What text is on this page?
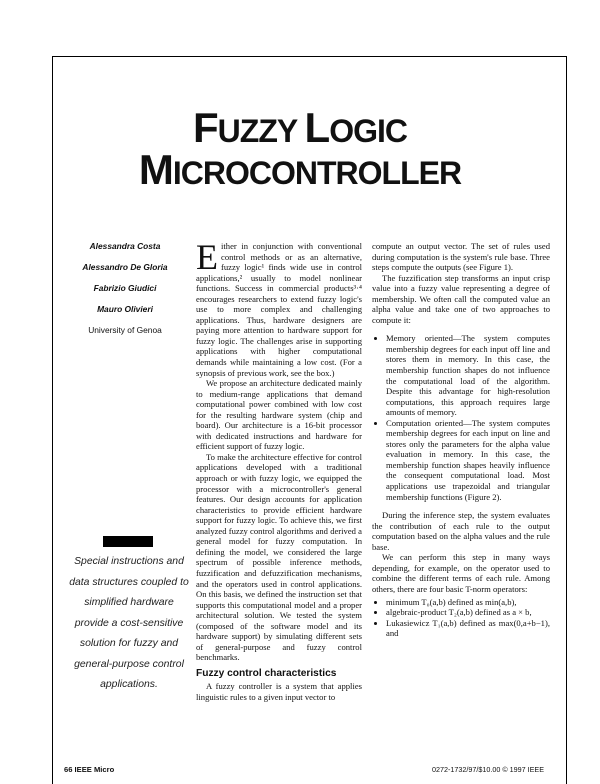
FUZZY LOGIC
MICROCONTROLLER
Alessandra Costa
Alessandro De Gloria
Fabrizio Giudici
Mauro Olivieri
University of Genoa
Special instructions and data structures coupled to simplified hardware provide a cost-sensitive solution for fuzzy and general-purpose control applications.

Either in conjunction with conventional control methods or as an alternative, fuzzy logic¹ finds wide use in control applications,² usually to model nonlinear functions. Success in commercial products³·⁴ encourages researchers to extend fuzzy logic's use to more complex and challenging applications. Thus, hardware designers are paying more attention to hardware support for fuzzy logic. The challenges arise in supporting applications with higher computational demands while maintaining a low cost. (For a synopsis of previous work, see the box.)

We propose an architecture dedicated mainly to medium-range applications that demand computational power combined with low cost for the resulting hardware system (chip and board). Our architecture is a 16-bit processor with dedicated instructions and hardware for efficient support of fuzzy logic.

To make the architecture effective for control applications developed with a traditional approach or with fuzzy logic, we equipped the processor with a microcontroller's general features. Our design accounts for application characteristics to provide efficient hardware support for fuzzy logic. To achieve this, we first analyzed fuzzy control algorithms and derived a general model for fuzzy computation. In defining the model, we considered the large spectrum of possible inference methods, fuzzification and defuzzification mechanisms, and the operators used in control applications. On this basis, we defined the instruction set that supports this computational model and a proper architectural solution. We tested the system (composed of the software model and its hardware support) by simulating different sets of general-purpose and fuzzy control benchmarks.

Fuzzy control characteristics

A fuzzy controller is a system that applies linguistic rules to a given input vector to

compute an output vector. The set of rules used during computation is the system's rule base. Three steps compute the outputs (see Figure 1).

The fuzzification step transforms an input crisp value into a fuzzy value representing a degree of membership. We often call the computed value an alpha value and take one of two approaches to compute it:

• Memory oriented—The system computes membership degrees for each input off line and stores them in memory. In this case, the membership function shapes do not influence the computational load of the algorithm. Despite this advantage for high-resolution computations, this approach requires large amounts of memory.
• Computation oriented—The system computes membership degrees for each input on line and stores only the parameters for the alpha value evaluation in memory. In this case, the membership function shapes heavily influence the consequent computational load. Most applications use trapezoidal and triangular membership functions (Figure 2).

During the inference step, the system evaluates the contribution of each rule to the output computation based on the alpha values and the rule base.

We can perform this step in many ways depending, for example, on the operator used to combine the different terms of each rule. Among others, there are four basic T-norm operators:

• minimum T₀(a,b) defined as min(a,b),
• algebraic-product T₂(a,b) defined as a × b,
• Lukasiewicz T₁(a,b) defined as max(0,a+b−1), and
66 IEEE Micro	0272-1732/97/$10.00 © 1997 IEEE
